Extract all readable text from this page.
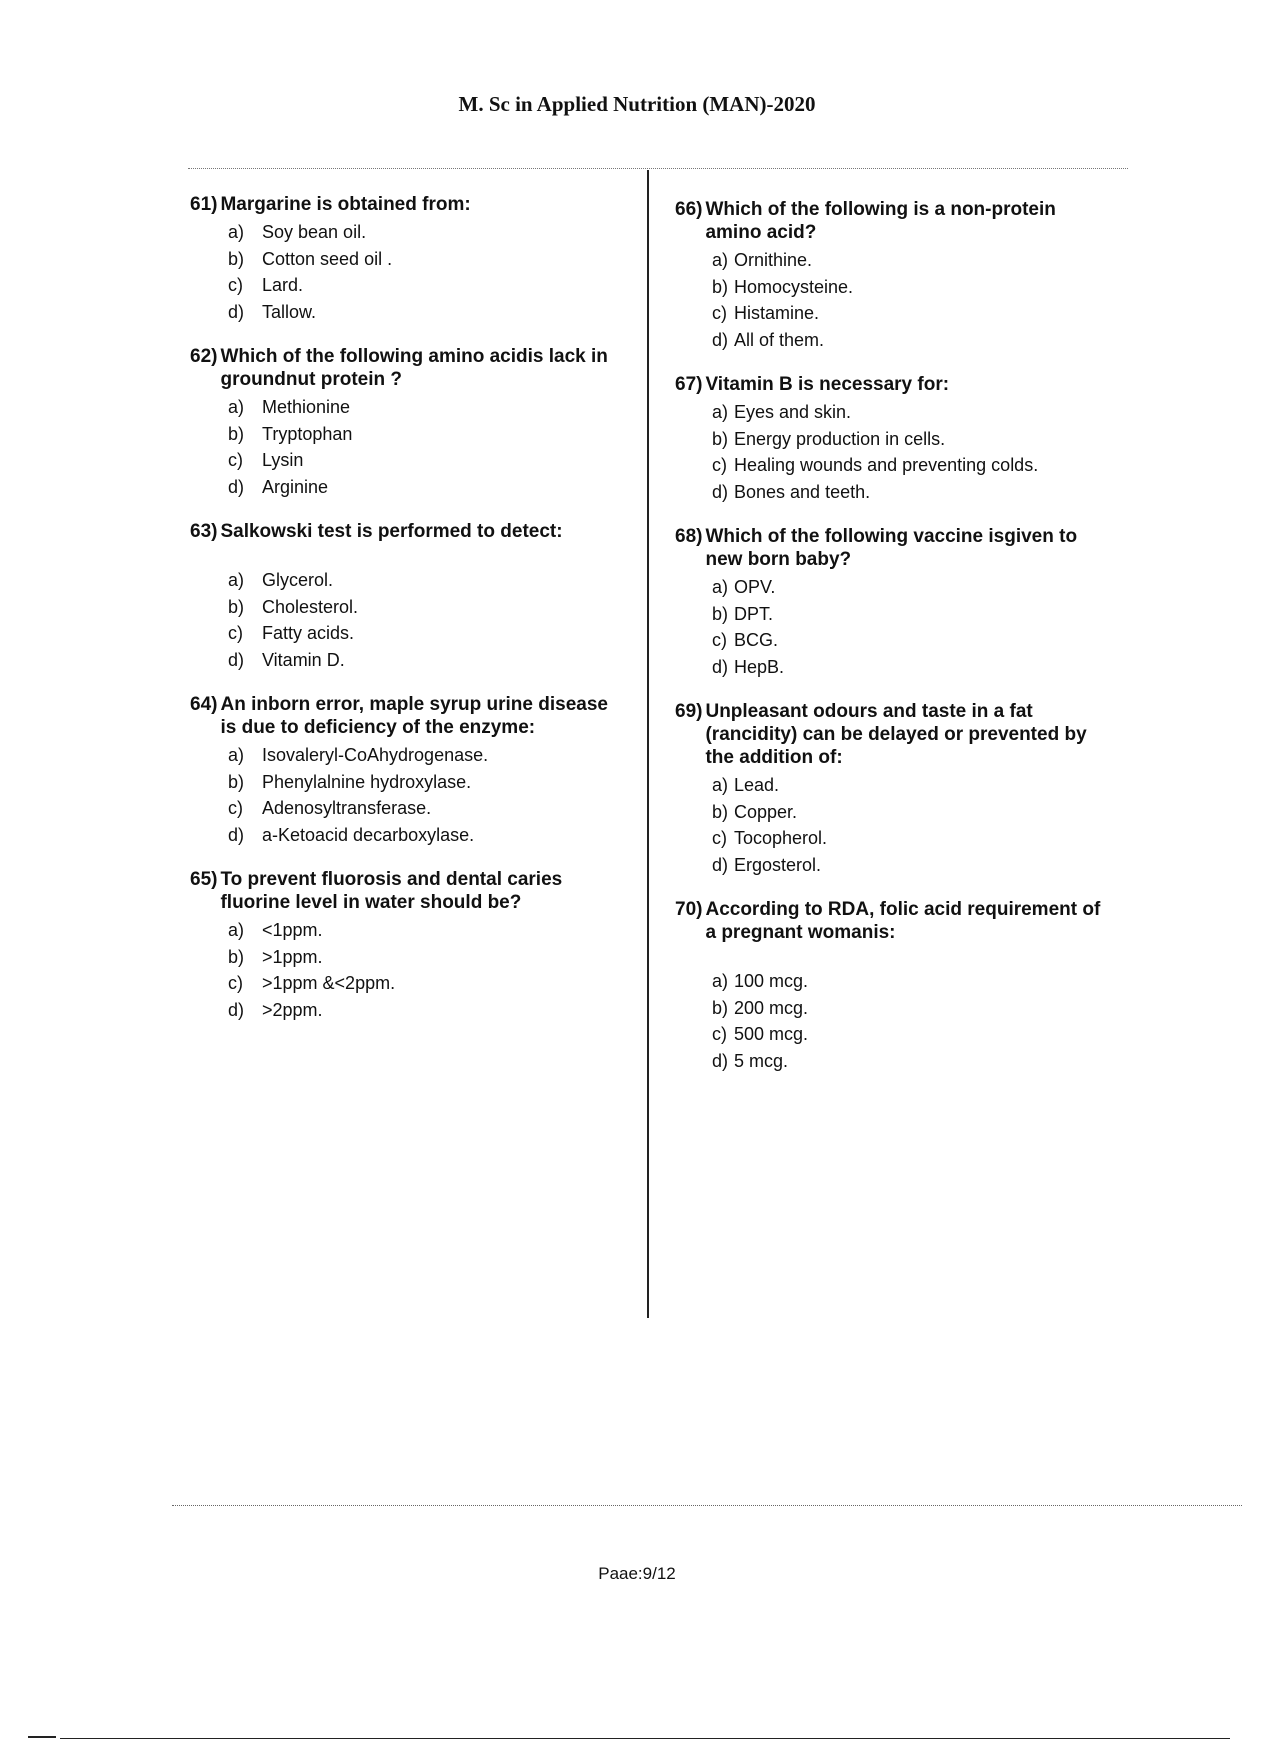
M. Sc in Applied Nutrition (MAN)-2020
61) Margarine is obtained from:
a) Soy bean oil.
b) Cotton seed oil .
c)	Lard.
d) Tallow.
62) Which of the following amino acidis lack in groundnut protein ?
a) Methionine
b) Tryptophan
c)	Lysin
d) Arginine
63) Salkowski test is performed to detect:
a) Glycerol.
b) Cholesterol.
c)	Fatty acids.
d) Vitamin D.
64) An inborn error, maple syrup urine disease is due to deficiency of the enzyme:
a) Isovaleryl-CoAhydrogenase.
b) Phenylalnine hydroxylase.
c)	Adenosyltransferase.
d) a-Ketoacid decarboxylase.
65) To prevent fluorosis and dental caries fluorine level in water should be?
a) <1ppm.
b) >1ppm.
c)	>1ppm &<2ppm.
d) >2ppm.
66) Which of the following is a non-protein amino acid?
a) Ornithine.
b) Homocysteine.
c) Histamine.
d) All of them.
67) Vitamin B is necessary for:
a) Eyes and skin.
b) Energy production in cells.
c) Healing wounds and preventing colds.
d) Bones and teeth.
68) Which of the following vaccine isgiven to new born baby?
a) OPV.
b) DPT.
c) BCG.
d) HepB.
69) Unpleasant odours and taste in a fat (rancidity) can be delayed or prevented by the addition of:
a) Lead.
b) Copper.
c) Tocopherol.
d) Ergosterol.
70) According to RDA, folic acid requirement of a pregnant womanis:
a) 100 mcg.
b) 200 mcg.
c) 500 mcg.
d) 5 mcg.
Paae:9/12
